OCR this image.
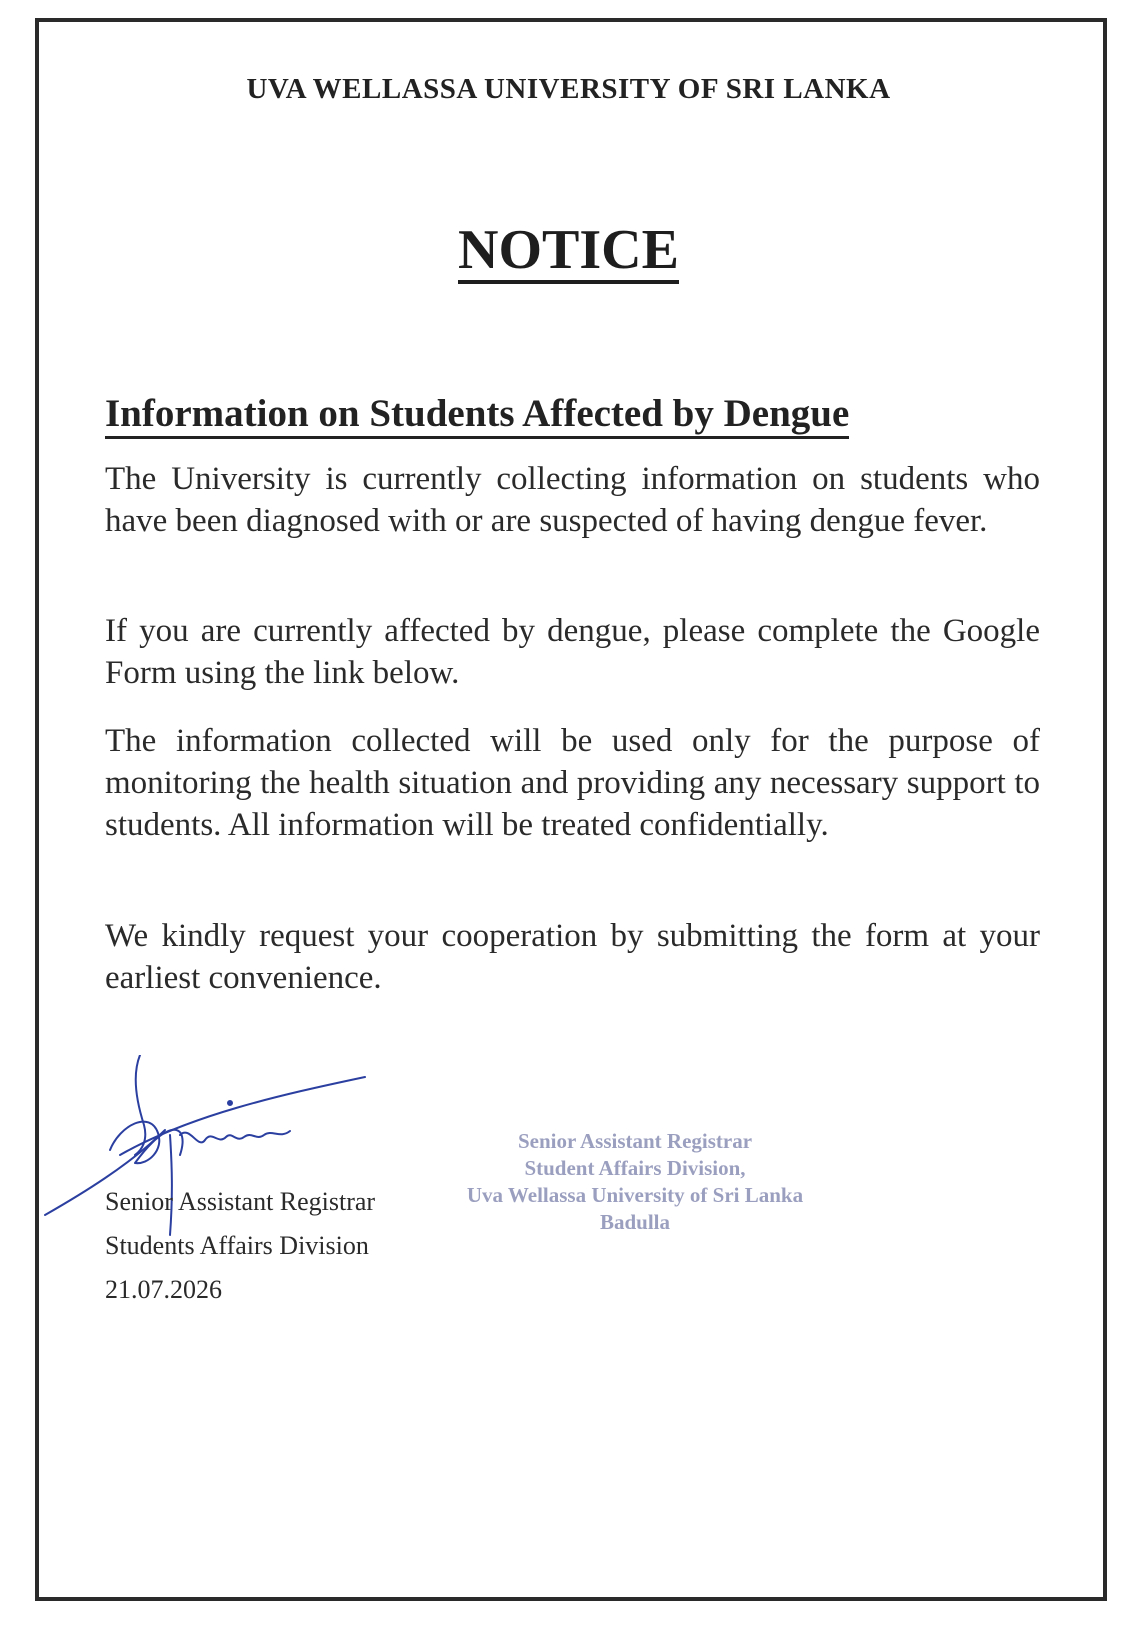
UVA WELLASSA UNIVERSITY OF SRI LANKA
NOTICE
Information on Students Affected by Dengue

The University is currently collecting information on students who have been diagnosed with or are suspected of having dengue fever.

If you are currently affected by dengue, please complete the Google Form using the link below.

The information collected will be used only for the purpose of monitoring the health situation and providing any necessary support to students. All information will be treated confidentially.

We kindly request your cooperation by submitting the form at your earliest convenience.

Senior Assistant Registrar
Students Affairs Division
21.07.2026
Senior Assistant Registrar
Student Affairs Division,
Uva Wellassa University of Sri Lanka
Badulla
